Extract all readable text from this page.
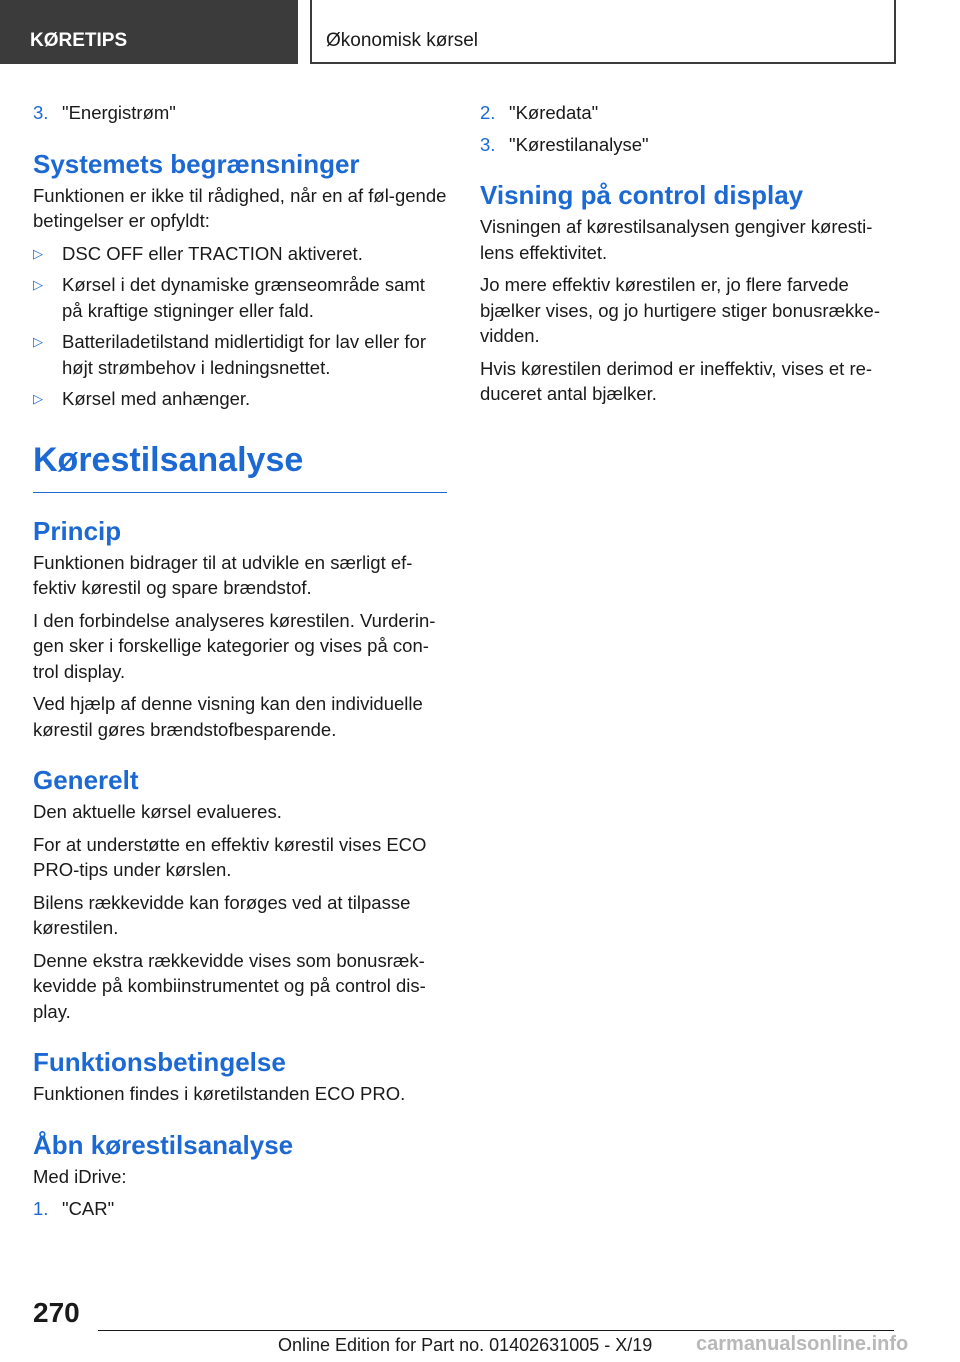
KØRETIPS	Økonomisk kørsel
3. "Energistrøm"
Systemets begrænsninger

Funktionen er ikke til rådighed, når en af føl-gende betingelser er opfyldt:

▷ DSC OFF eller TRACTION aktiveret.
▷ Kørsel i det dynamiske grænseområde samt på kraftige stigninger eller fald.
▷ Batteriladetilstand midlertidigt for lav eller for højt strømbehov i ledningsnettet.
▷ Kørsel med anhænger.
Kørestilsanalyse
Princip

Funktionen bidrager til at udvikle en særligt ef-fektiv kørestil og spare brændstof.

I den forbindelse analyseres kørestilen. Vurderin-gen sker i forskellige kategorier og vises på con-trol display.

Ved hjælp af denne visning kan den individuelle kørestil gøres brændstofbesparende.

Generelt

Den aktuelle kørsel evalueres.

For at understøtte en effektiv kørestil vises ECO PRO-tips under kørslen.

Bilens rækkevidde kan forøges ved at tilpasse kørestilen.

Denne ekstra rækkevidde vises som bonusræk-kevidde på kombiinstrumentet og på control dis-play.

Funktionsbetingelse

Funktionen findes i køretilstanden ECO PRO.

Åbn kørestilsanalyse

Med iDrive:

1. "CAR"
2. "Køredata"
3. "Kørestilanalyse"
Visning på control display

Visningen af kørestilsanalysen gengiver køresti-lens effektivitet.

Jo mere effektiv kørestilen er, jo flere farvede bjælker vises, og jo hurtigere stiger bonusrække-vidden.

Hvis kørestilen derimod er ineffektiv, vises et re-duceret antal bjælker.

270
Online Edition for Part no. 01402631005 - X/19 carmanualsonline.info
